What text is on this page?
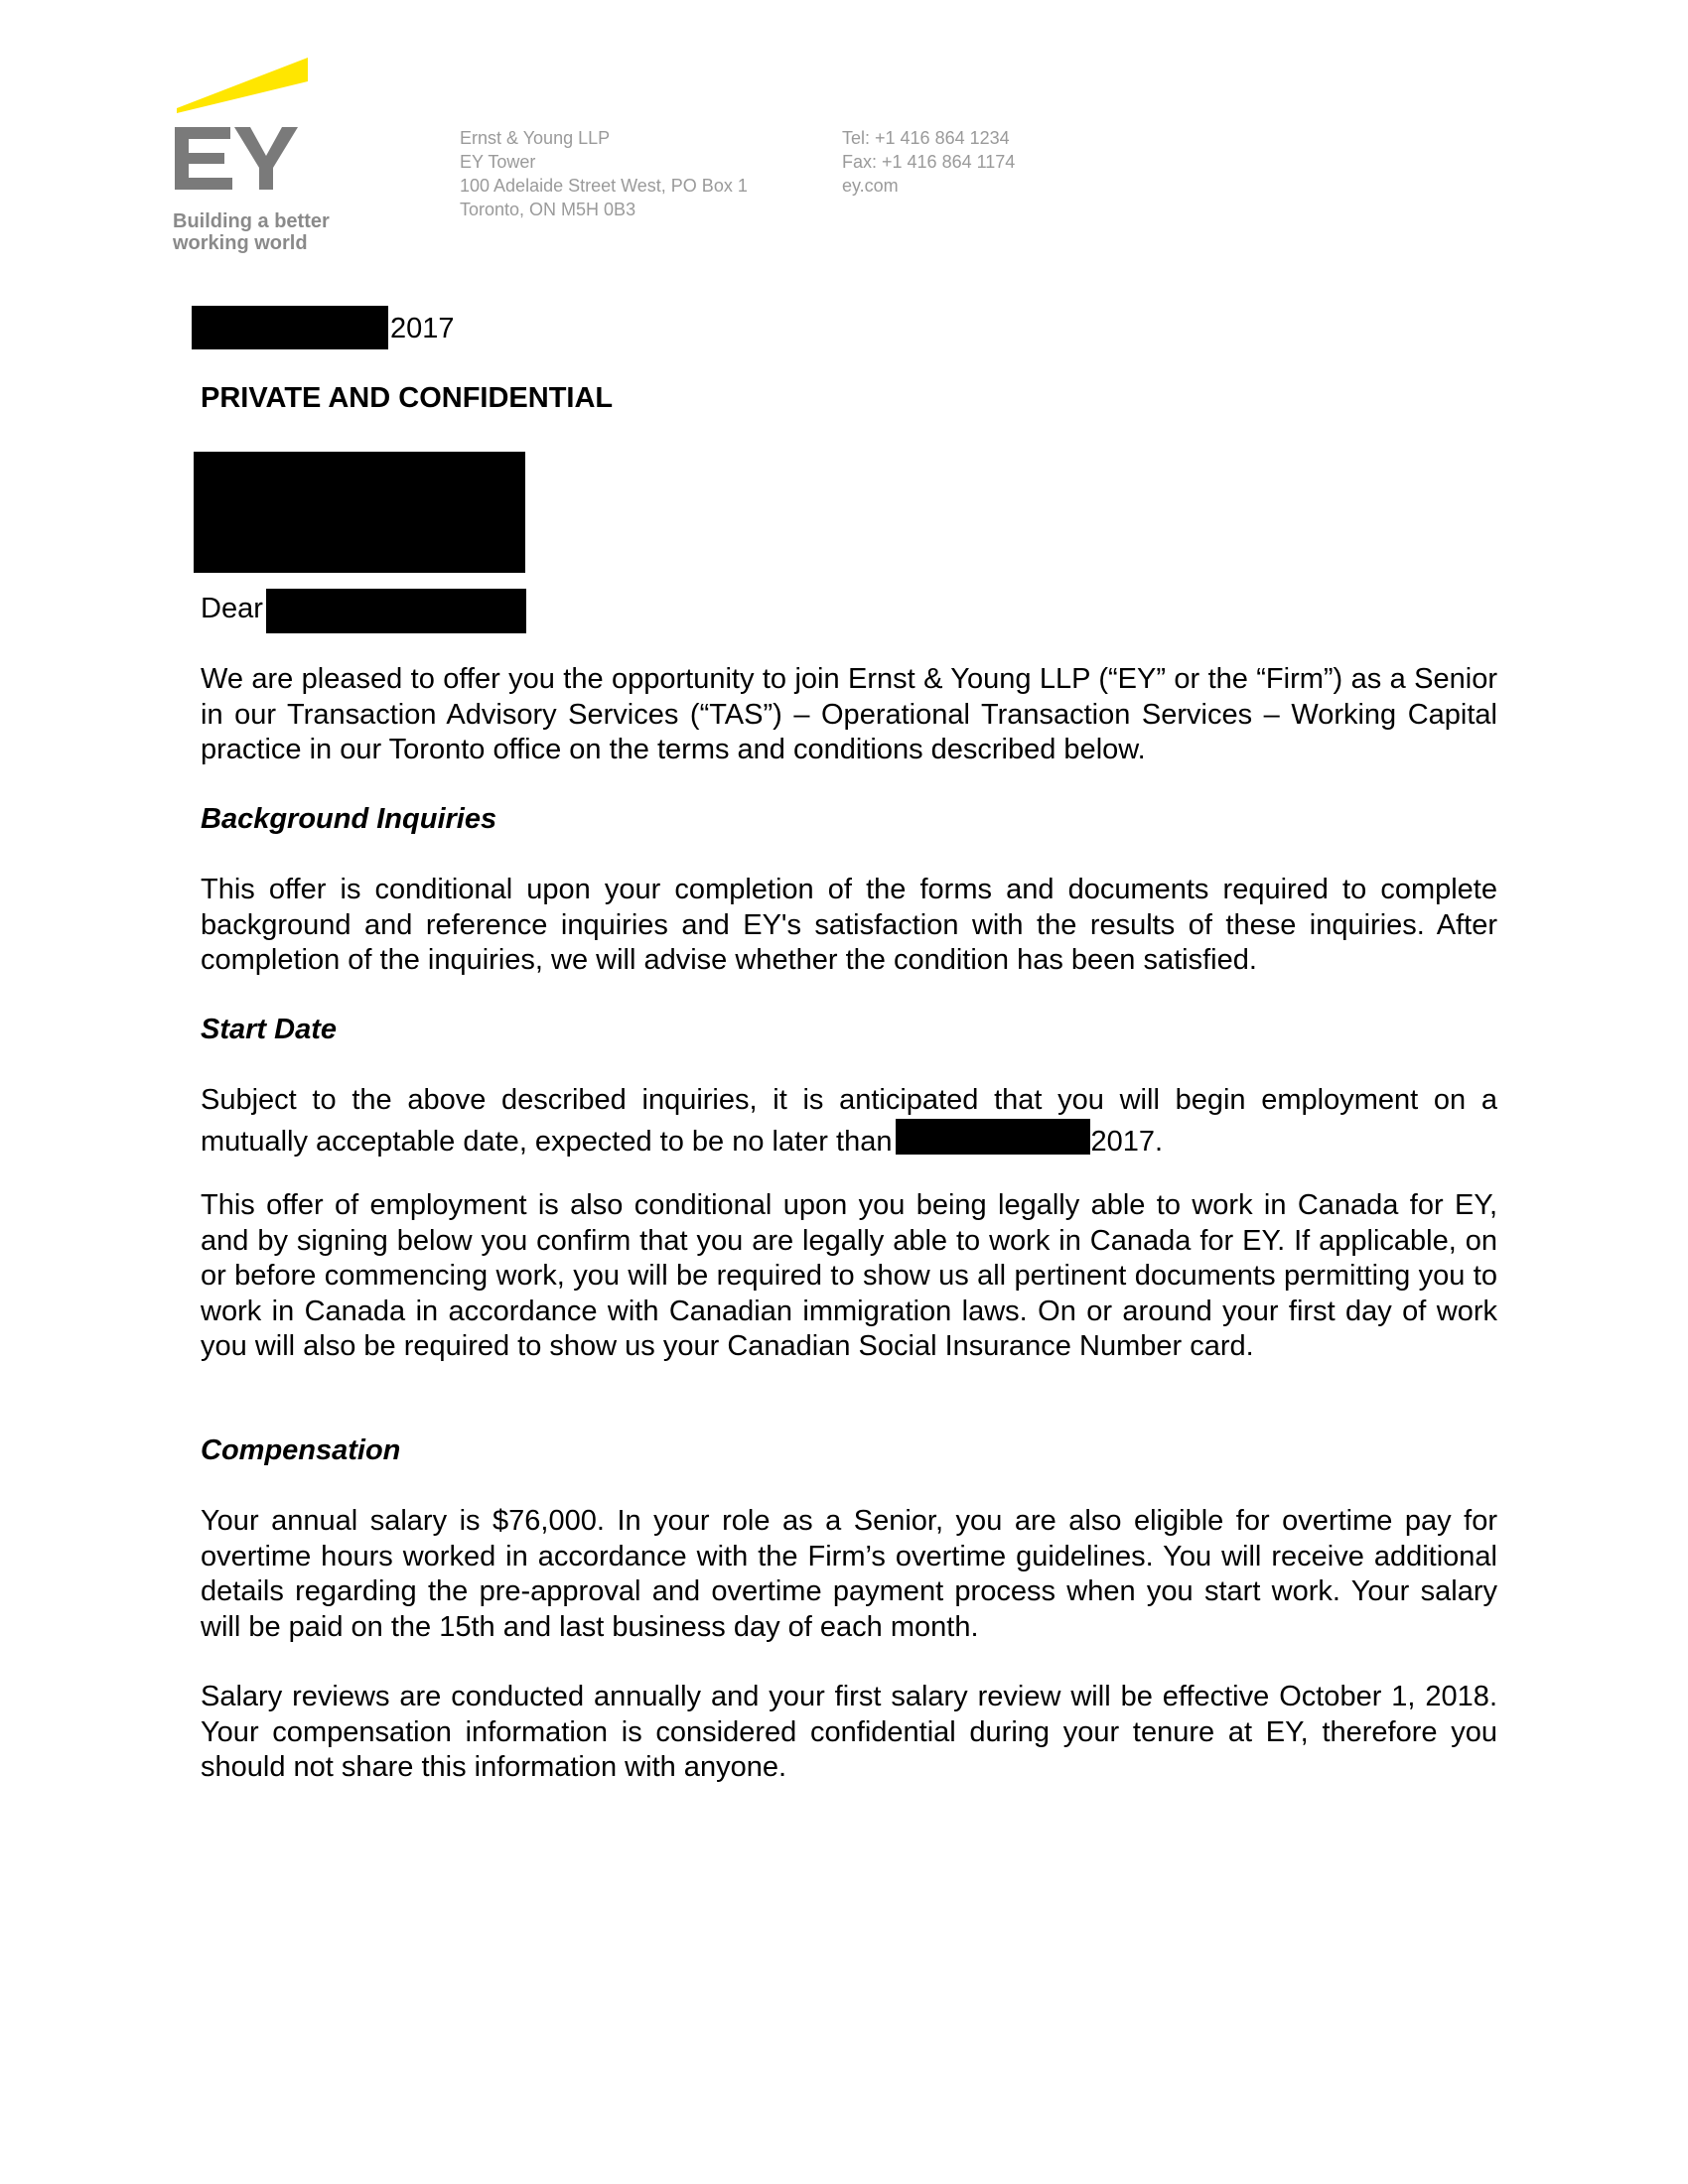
Building a better
working world
Ernst & Young LLP
EY Tower
100 Adelaide Street West, PO Box 1
Toronto, ON M5H 0B3
Tel: +1 416 864 1234
Fax: +1 416 864 1174
ey.com
2017
PRIVATE AND CONFIDENTIAL
Dear

We are pleased to offer you the opportunity to join Ernst & Young LLP (“EY” or the “Firm”) as a Senior in our Transaction Advisory Services (“TAS”) – Operational Transaction Services – Working Capital practice in our Toronto office on the terms and conditions described below.

Background Inquiries

This offer is conditional upon your completion of the forms and documents required to complete background and reference inquiries and EY's satisfaction with the results of these inquiries. After completion of the inquiries, we will advise whether the condition has been satisfied.

Start Date

Subject to the above described inquiries, it is anticipated that you will begin employment on a mutually acceptable date, expected to be no later than	2017.

This offer of employment is also conditional upon you being legally able to work in Canada for EY, and by signing below you confirm that you are legally able to work in Canada for EY. If applicable, on or before commencing work, you will be required to show us all pertinent documents permitting you to work in Canada in accordance with Canadian immigration laws. On or around your first day of work you will also be required to show us your Canadian Social Insurance Number card.

Compensation

Your annual salary is $76,000. In your role as a Senior, you are also eligible for overtime pay for overtime hours worked in accordance with the Firm’s overtime guidelines. You will receive additional details regarding the pre-approval and overtime payment process when you start work. Your salary will be paid on the 15th and last business day of each month.

Salary reviews are conducted annually and your first salary review will be effective October 1, 2018. Your compensation information is considered confidential during your tenure at EY, therefore you should not share this information with anyone.
